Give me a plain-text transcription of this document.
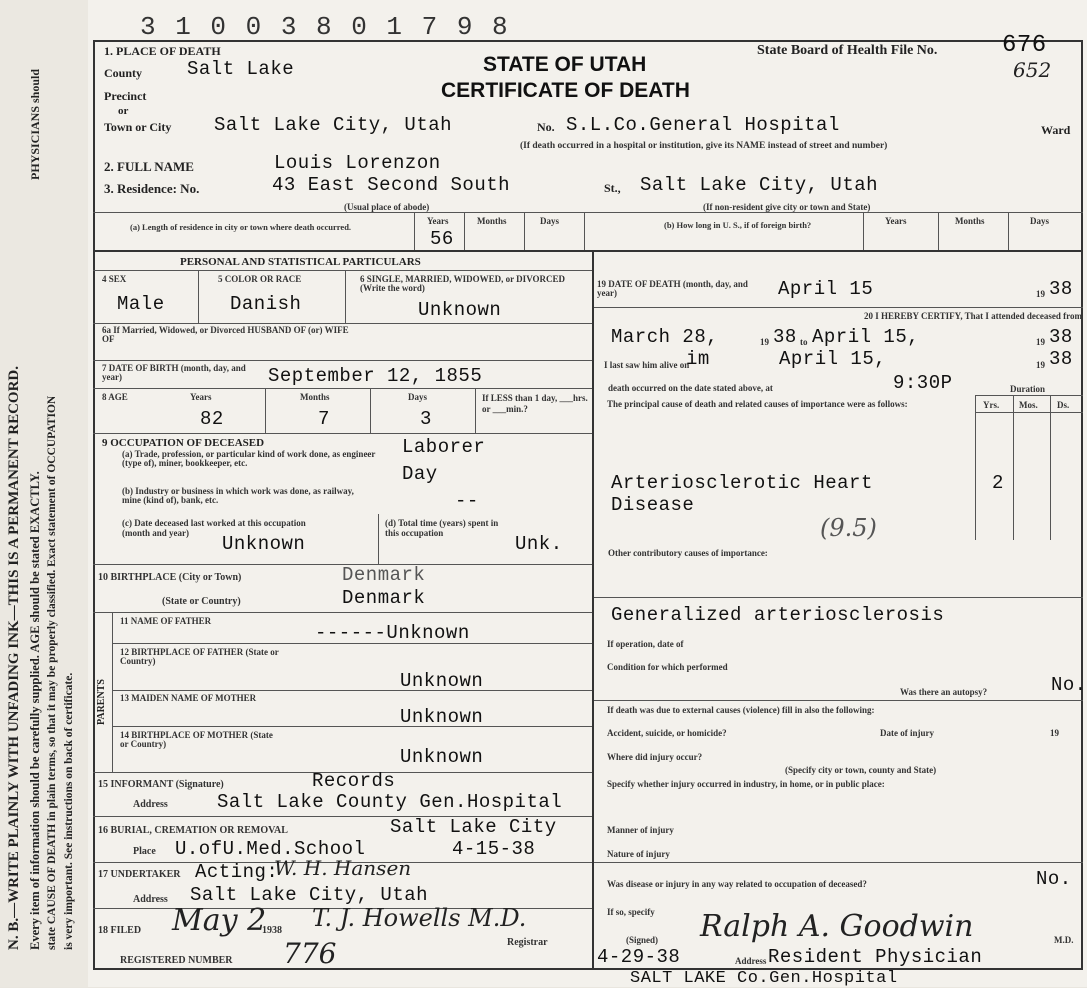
N. B.—WRITE PLAINLY WITH UNFADING INK—THIS IS A PERMANENT RECORD.
PHYSICIANS should
Every item of information should be carefully supplied. AGE should be stated EXACTLY. state CAUSE OF DEATH in plain terms, so that it may be properly classified. Exact statement of OCCUPATION is very important. See instructions on back of certificate.
3 1 0 0 3 8 0 1 7 9 8
STATE OF UTAH
CERTIFICATE OF DEATH
State Board of Health File No.	676
652
1. PLACE OF DEATH
County Salt Lake
Precinct
or
Town or City Salt Lake City, Utah	No. S.L.Co.General Hospital	Ward
(If death occurred in a hospital or institution, give its NAME instead of street and number)
2. FULL NAME	Louis Lorenzon
3. Residence: No.	43 East Second South	St., Salt Lake City, Utah
(Usual place of abode)	(If non-resident give city or town and State)
(a) Length of residence in city or town where death occurred.
Years
56
Months	Days	(b) How long in U. S., if of foreign birth?	Years	Months	Days
PERSONAL AND STATISTICAL PARTICULARS
4 SEX
Male
5 COLOR OR RACE
Danish
6 SINGLE, MARRIED, WIDOWED, or DIVORCED (Write the word)
Unknown
6a If Married, Widowed, or Divorced HUSBAND OF (or) WIFE OF
7 DATE OF BIRTH (month, day, and year)	September 12, 1855
8 AGE	Years	Months	Days
82	7	3
If LESS than 1 day, ___hrs. or ___min.?
9 OCCUPATION OF DECEASED
(a) Trade, profession, or particular kind of work done, as engineer (type of), miner, bookkeeper, etc.
Laborer
Day
(b) Industry or business in which work was done, as railway, mine (kind of), bank, etc.	--
(c) Date deceased last worked at this occupation (month and year)
Unknown
(d) Total time (years) spent in this occupation
Unk.
10 BIRTHPLACE (City or Town)	Denmark
(State or Country)	Denmark
PARENTS
11 NAME OF FATHER
------Unknown
12 BIRTHPLACE OF FATHER (State or Country)
Unknown
13 MAIDEN NAME OF MOTHER
Unknown
14 BIRTHPLACE OF MOTHER (State or Country)
Unknown
15 INFORMANT (Signature)	Records
Address	Salt Lake County Gen.Hospital
16 BURIAL, CREMATION OR REMOVAL	Salt Lake City
Place U.ofU.Med.School	4-15-38
17 UNDERTAKER Acting:
W. H. Hansen
Address Salt Lake City, Utah
18 FILED May 2
1938 T. J. Howells M.D.
Registrar
REGISTERED NUMBER 776
19 DATE OF DEATH (month, day, and year)	April 15	19 38
20 I HEREBY CERTIFY, That I attended deceased from
March 28,	19 38 to April 15,	19 38
I last saw him alive on
im	April 15,	19 38
death occurred on the date stated above, at	9:30P	Duration
The principal cause of death and related causes of importance were as follows:	Yrs. Mos. Ds.
Arteriosclerotic Heart	2
Disease
(9.5)
Other contributory causes of importance:
Generalized arteriosclerosis
If operation, date of
Condition for which performed
Was there an autopsy?	No.
If death was due to external causes (violence) fill in also the following:
Accident, suicide, or homicide?	Date of injury	19
Where did injury occur?
(Specify city or town, county and State)
Specify whether injury occurred in industry, in home, or in public place:
Manner of injury
Nature of injury
Was disease or injury in any way related to occupation of deceased?	No.
If so, specify
(Signed) Ralph A. Goodwin	M.D.
4-29-38	Address Resident Physician
SALT LAKE Co.Gen.Hospital
